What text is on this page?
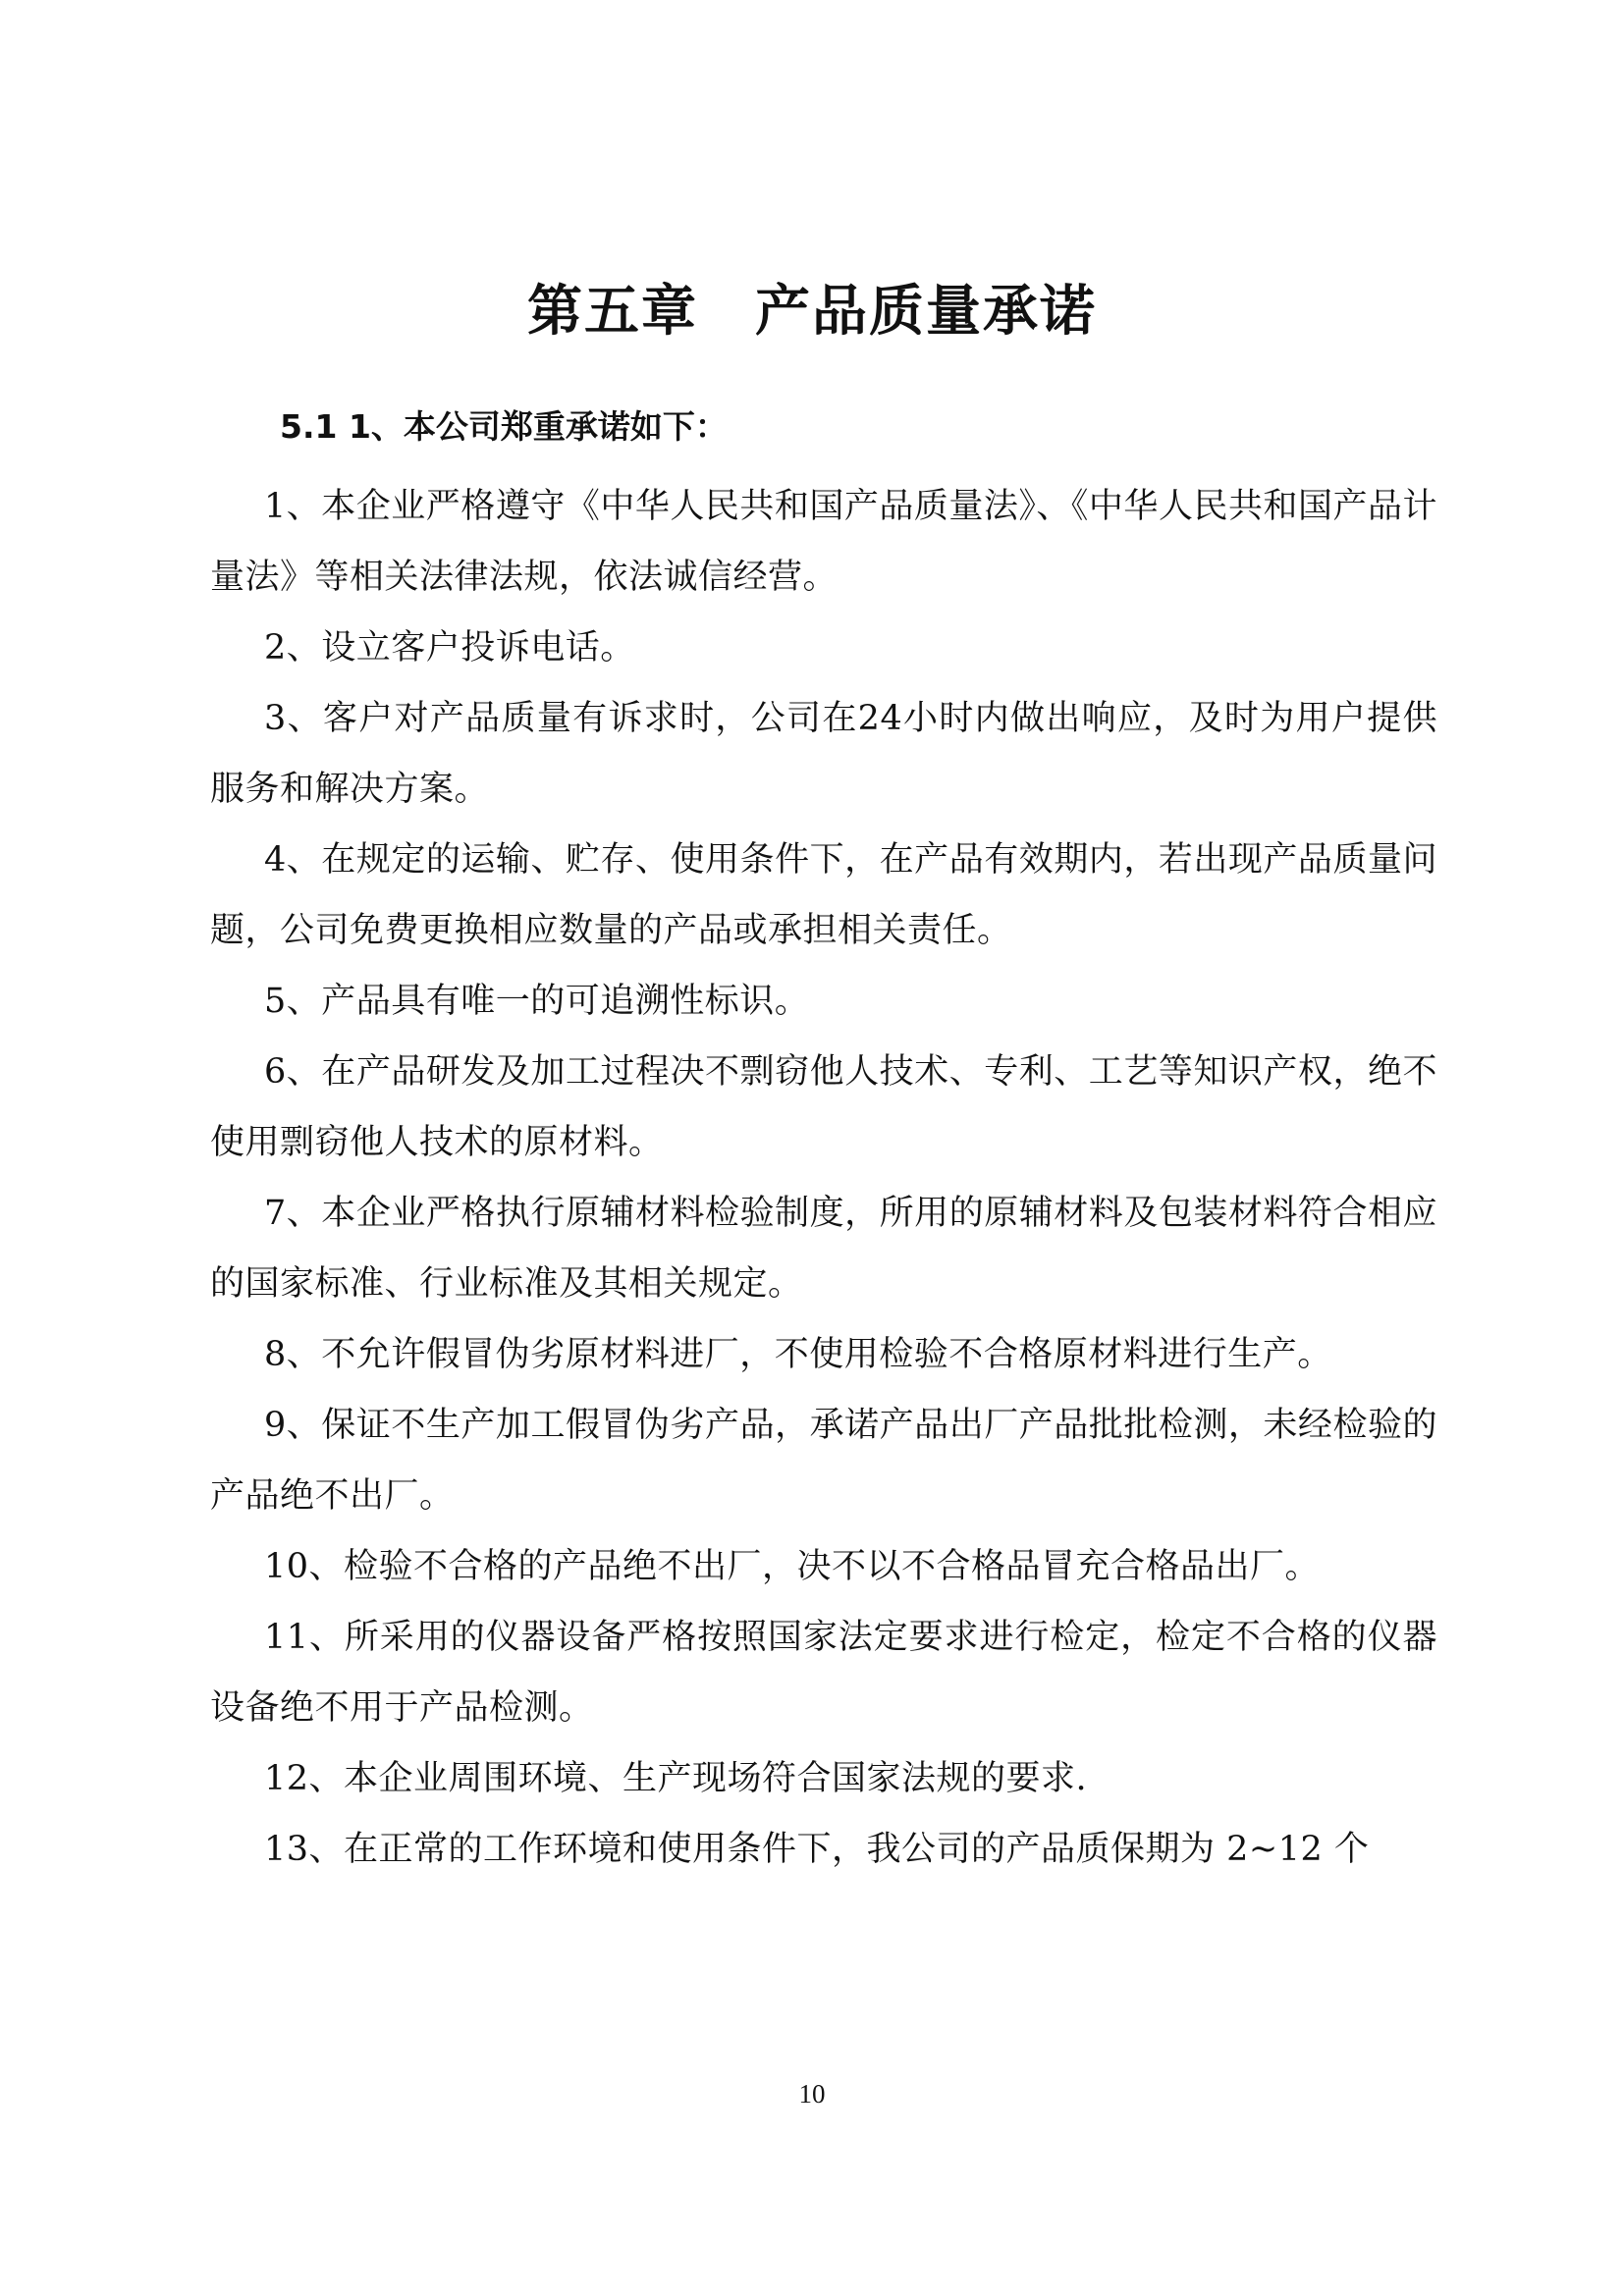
第五章　产品质量承诺
5.1 1、本公司郑重承诺如下：

1、本企业严格遵守《中华人民共和国产品质量法》、《中华人民共和国产品计量法》等相关法律法规，依法诚信经营。

2、设立客户投诉电话。

3、客户对产品质量有诉求时，公司在24小时内做出响应，及时为用户提供服务和解决方案。

4、在规定的运输、贮存、使用条件下，在产品有效期内，若出现产品质量问题，公司免费更换相应数量的产品或承担相关责任。

5、产品具有唯一的可追溯性标识。

6、在产品研发及加工过程决不剽窃他人技术、专利、工艺等知识产权，绝不使用剽窃他人技术的原材料。

7、本企业严格执行原辅材料检验制度，所用的原辅材料及包装材料符合相应的国家标准、行业标准及其相关规定。

8、不允许假冒伪劣原材料进厂，不使用检验不合格原材料进行生产。

9、保证不生产加工假冒伪劣产品，承诺产品出厂产品批批检测，未经检验的产品绝不出厂。

10、检验不合格的产品绝不出厂，决不以不合格品冒充合格品出厂。

11、所采用的仪器设备严格按照国家法定要求进行检定，检定不合格的仪器设备绝不用于产品检测。

12、本企业周围环境、生产现场符合国家法规的要求.

13、在正常的工作环境和使用条件下，我公司的产品质保期为 2~12 个

10
